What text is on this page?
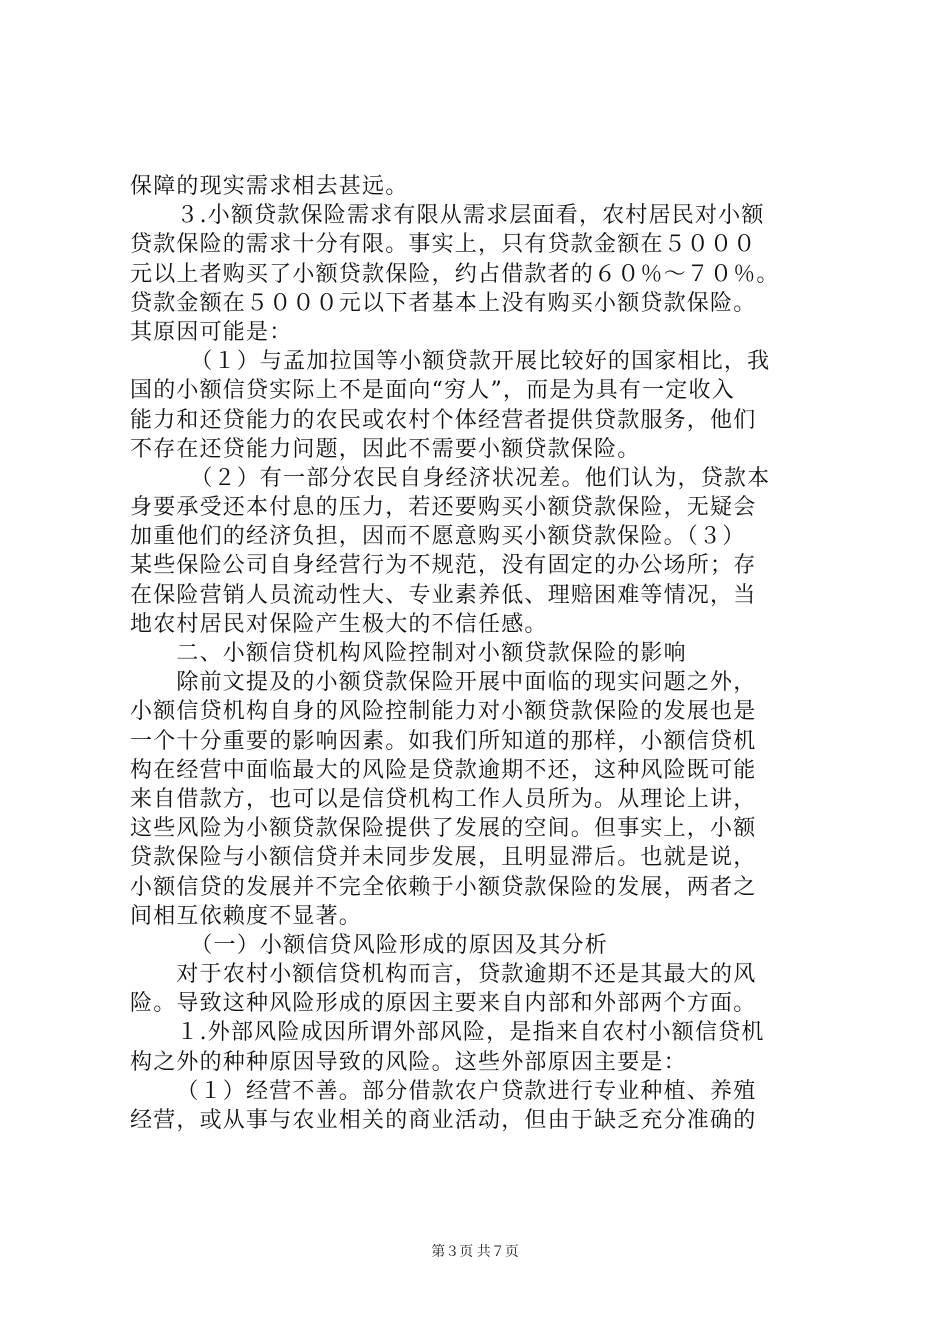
保障的现实需求相去甚远。
３.小额贷款保险需求有限从需求层面看，农村居民对小额
贷款保险的需求十分有限。事实上，只有贷款金额在５０００
元以上者购买了小额贷款保险，约占借款者的６０％～７０％。
贷款金额在５０００元以下者基本上没有购买小额贷款保险。
其原因可能是：
（１）与孟加拉国等小额贷款开展比较好的国家相比，我
国的小额信贷实际上不是面向“穷人”，而是为具有一定收入
能力和还贷能力的农民或农村个体经营者提供贷款服务，他们
不存在还贷能力问题，因此不需要小额贷款保险。
（２）有一部分农民自身经济状况差。他们认为，贷款本
身要承受还本付息的压力，若还要购买小额贷款保险，无疑会
加重他们的经济负担，因而不愿意购买小额贷款保险。（３）
某些保险公司自身经营行为不规范，没有固定的办公场所；存
在保险营销人员流动性大、专业素养低、理赔困难等情况，当
地农村居民对保险产生极大的不信任感。
二、小额信贷机构风险控制对小额贷款保险的影响
除前文提及的小额贷款保险开展中面临的现实问题之外，
小额信贷机构自身的风险控制能力对小额贷款保险的发展也是
一个十分重要的影响因素。如我们所知道的那样，小额信贷机
构在经营中面临最大的风险是贷款逾期不还，这种风险既可能
来自借款方，也可以是信贷机构工作人员所为。从理论上讲，
这些风险为小额贷款保险提供了发展的空间。但事实上，小额
贷款保险与小额信贷并未同步发展，且明显滞后。也就是说，
小额信贷的发展并不完全依赖于小额贷款保险的发展，两者之
间相互依赖度不显著。
（一）小额信贷风险形成的原因及其分析
对于农村小额信贷机构而言，贷款逾期不还是其最大的风
险。导致这种风险形成的原因主要来自内部和外部两个方面。
１.外部风险成因所谓外部风险，是指来自农村小额信贷机
构之外的种种原因导致的风险。这些外部原因主要是：
（１）经营不善。部分借款农户贷款进行专业种植、养殖
经营，或从事与农业相关的商业活动，但由于缺乏充分准确的
第３页 共７页
